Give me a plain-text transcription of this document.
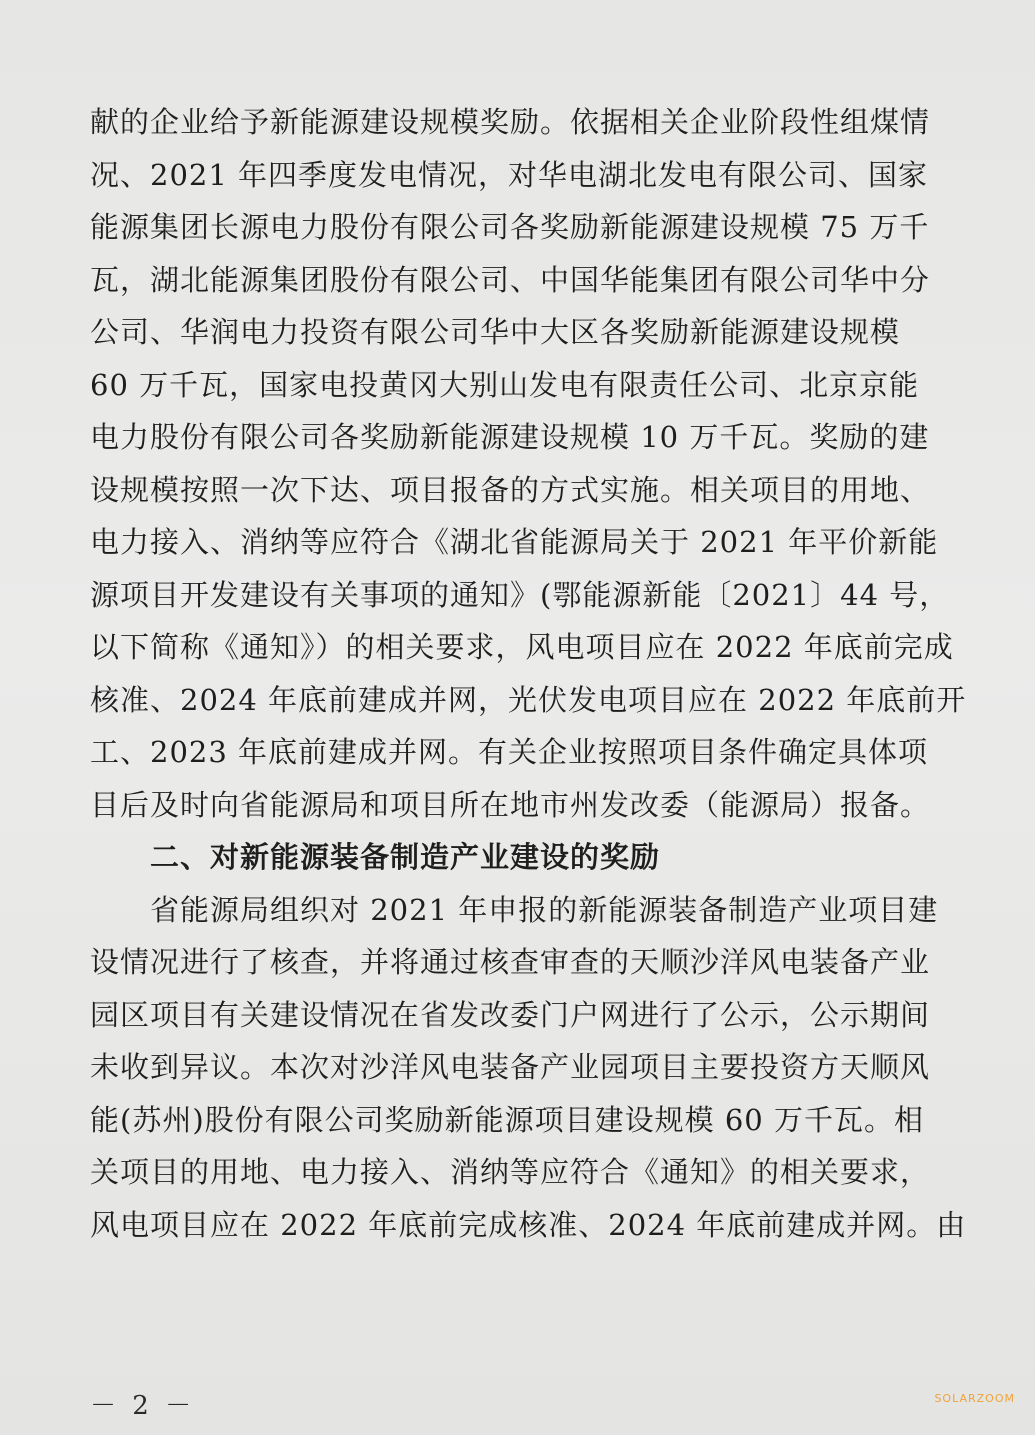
献的企业给予新能源建设规模奖励。依据相关企业阶段性组煤情
况、2021 年四季度发电情况，对华电湖北发电有限公司、国家
能源集团长源电力股份有限公司各奖励新能源建设规模 75 万千
瓦，湖北能源集团股份有限公司、中国华能集团有限公司华中分
公司、华润电力投资有限公司华中大区各奖励新能源建设规模
60 万千瓦，国家电投黄冈大别山发电有限责任公司、北京京能
电力股份有限公司各奖励新能源建设规模 10 万千瓦。奖励的建
设规模按照一次下达、项目报备的方式实施。相关项目的用地、
电力接入、消纳等应符合《湖北省能源局关于 2021 年平价新能
源项目开发建设有关事项的通知》(鄂能源新能〔2021〕44 号，
以下简称《通知》）的相关要求，风电项目应在 2022 年底前完成
核准、2024 年底前建成并网，光伏发电项目应在 2022 年底前开
工、2023 年底前建成并网。有关企业按照项目条件确定具体项
目后及时向省能源局和项目所在地市州发改委（能源局）报备。
二、对新能源装备制造产业建设的奖励
省能源局组织对 2021 年申报的新能源装备制造产业项目建
设情况进行了核查，并将通过核查审查的天顺沙洋风电装备产业
园区项目有关建设情况在省发改委门户网进行了公示，公示期间
未收到异议。本次对沙洋风电装备产业园项目主要投资方天顺风
能(苏州)股份有限公司奖励新能源项目建设规模 60 万千瓦。相
关项目的用地、电力接入、消纳等应符合《通知》的相关要求，
风电项目应在 2022 年底前完成核准、2024 年底前建成并网。由
－ 2 －	SOLARZOOM
